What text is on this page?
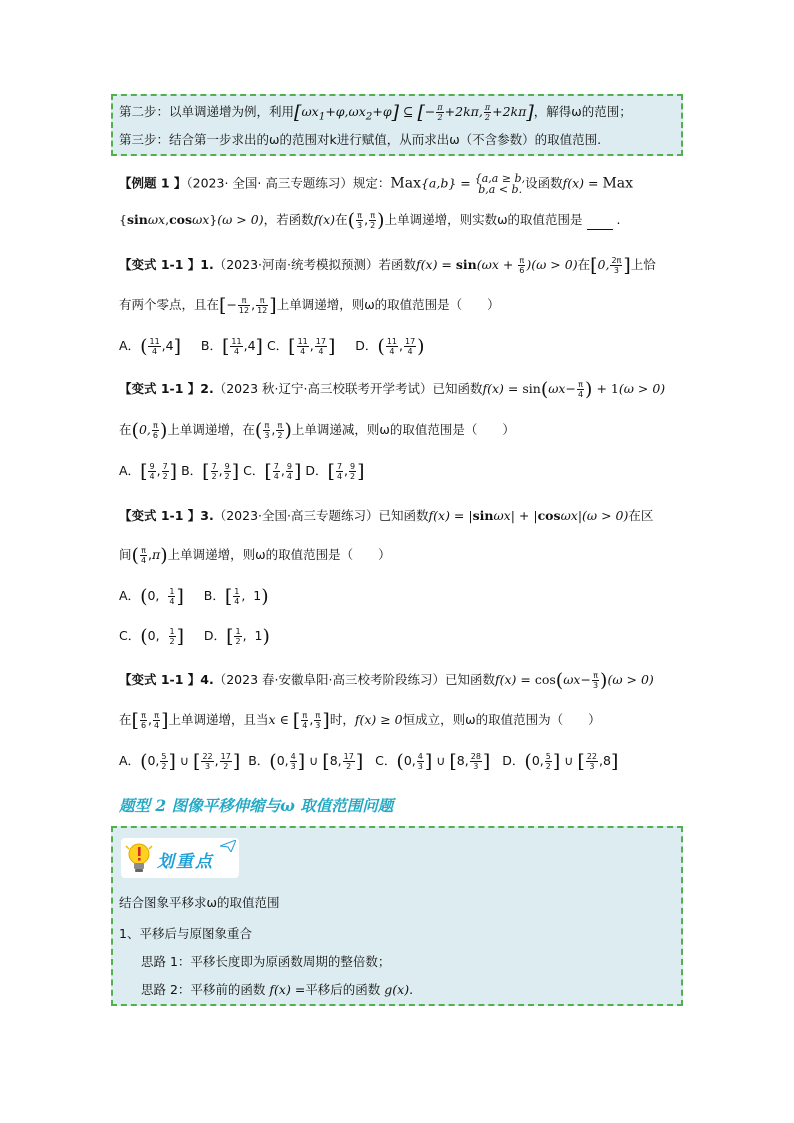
第二步：以单调递增为例，利用$[\omega x_1+\varphi,\omega x_2+\varphi]$ ⊆ [− $\frac{\pi}{2} +2k\pi$, $\frac{\pi}{2} +2k\pi$]，解得ω的范围；
第三步：结合第一步求出的ω的范围对k进行赋值，从而求出ω（不含参数）的取值范围.
【例题 1 】（2023· 全国· 高三专题练习）规定：Max{a,b} = {a,a ≥ b,
b,a < b. 设函数f(x) = Max
{sinωx,cosωx}(ω > 0)，若函数f(x)在( $\frac{\pi}{3}$ , $\frac{\pi}{2}$ )上单调递增，则实数ω的取值范围是  .
【变式 1-1 】1.（2023·河南·统考模拟预测）若函数$f(x) = \sin(\omega x + \frac{\pi}{6} )(\omega > 0)$在[0, $\frac{2\pi}{3}$ ]上恰
有两个零点，且在[− $\frac{\pi}{12}$ , $\frac{\pi}{12}$ ]上单调递增，则ω的取值范围是（　　）
A．( $\frac{11}{4} ,4$] B．[ $\frac{11}{4} ,4$] C．[ $\frac{11}{4}$ , $\frac{17}{4}$ ] D．( $\frac{11}{4}$ , $\frac{17}{4}$ )
【变式 1-1 】2.（2023 秋·辽宁·高三校联考开学考试）已知函数$f(x) = \sin(\omega x- \frac{\pi}{4}$ ) + 1(ω > 0)
在(0, $\frac{\pi}{6}$ )上单调递增，在( $\frac{\pi}{3}$ , $\frac{\pi}{2}$ )上单调递减，则ω的取值范围是（　　）
A．[ $\frac{9}{4}$ , $\frac{7}{2}$ ] B．[ $\frac{7}{2}$ , $\frac{9}{2}$ ] C．[ $\frac{7}{4}$ , $\frac{9}{4}$ ] D．[ $\frac{7}{4}$ , $\frac{9}{2}$ ]
【变式 1-1 】3.（2023·全国·高三专题练习）已知函数f(x) = |sinωx| + |cosωx|(ω > 0)在区
间( $\frac{\pi}{4} ,\pi$)上单调递增，则ω的取值范围是（　　）
A．(0, $\frac{1}{4}$ ] B．[ $\frac{1}{4}$ ,  1)
C．(0, $\frac{1}{2}$ ] D．[ $\frac{1}{2}$ ,  1)
【变式 1-1 】4.（2023 春·安徽阜阳·高三校考阶段练习）已知函数$f(x) = \cos(\omega x- \frac{\pi}{3} )(\omega > 0)$
在[ $\frac{\pi}{6}$ , $\frac{\pi}{4}$ ]上单调递增，且当x ∈ [ $\frac{\pi}{4}$ , $\frac{\pi}{3}$ ]时，f(x) ≥ 0恒成立，则ω的取值范围为（　　）
A．(0, $\frac{5}{2}$ ] ∪ [ $\frac{22}{3}$ , $\frac{17}{2}$ ] B．(0, $\frac{4}{3}$ ] ∪ [8, $\frac{17}{2}$ ] C．(0, $\frac{4}{3}$ ] ∪ [8, $\frac{28}{3}$ ] D．(0, $\frac{5}{2}$ ] ∪ [ $\frac{22}{3} ,8$]
题型 2 图像平移伸缩与ω 取值范围问题
划重点
结合图象平移求ω的取值范围
1、平移后与原图象重合
思路 1：平移长度即为原函数周期的整倍数；
思路 2：平移前的函数 f(x) =平移后的函数 g(x).
